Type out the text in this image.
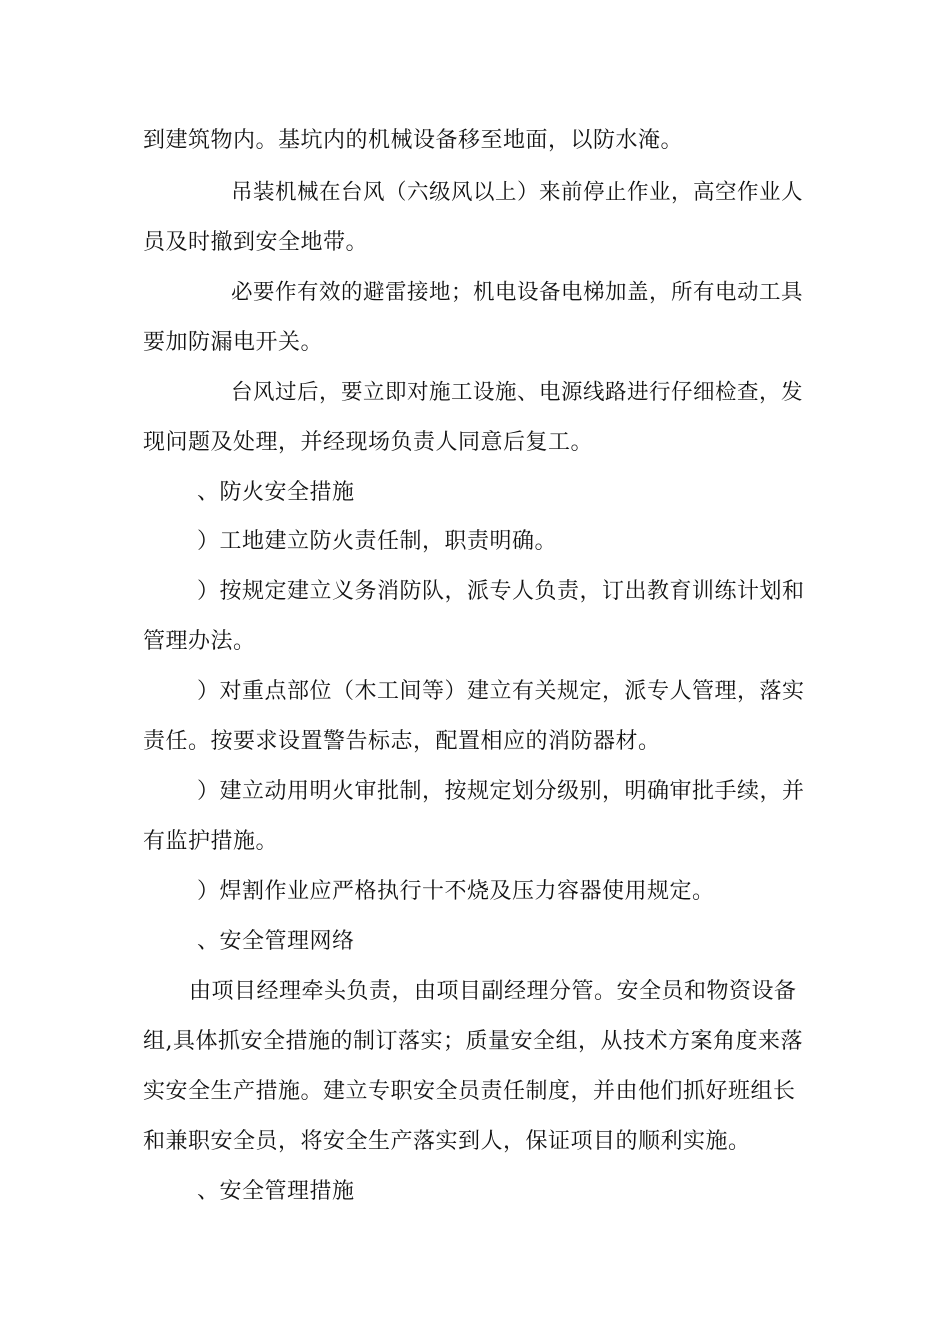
到建筑物内。基坑内的机械设备移至地面，以防水淹。
吊装机械在台风（六级风以上）来前停止作业，高空作业人
员及时撤到安全地带。
必要作有效的避雷接地；机电设备电梯加盖，所有电动工具
要加防漏电开关。
台风过后，要立即对施工设施、电源线路进行仔细检查，发
现问题及处理，并经现场负责人同意后复工。
、防火安全措施
）工地建立防火责任制，职责明确。
）按规定建立义务消防队，派专人负责，订出教育训练计划和
管理办法。
）对重点部位（木工间等）建立有关规定，派专人管理，落实
责任。按要求设置警告标志，配置相应的消防器材。
）建立动用明火审批制，按规定划分级别，明确审批手续，并
有监护措施。
）焊割作业应严格执行十不烧及压力容器使用规定。
、安全管理网络
由项目经理牵头负责，由项目副经理分管。安全员和物资设备
组,具体抓安全措施的制订落实；质量安全组，从技术方案角度来落
实安全生产措施。建立专职安全员责任制度，并由他们抓好班组长
和兼职安全员，将安全生产落实到人，保证项目的顺利实施。
、安全管理措施
